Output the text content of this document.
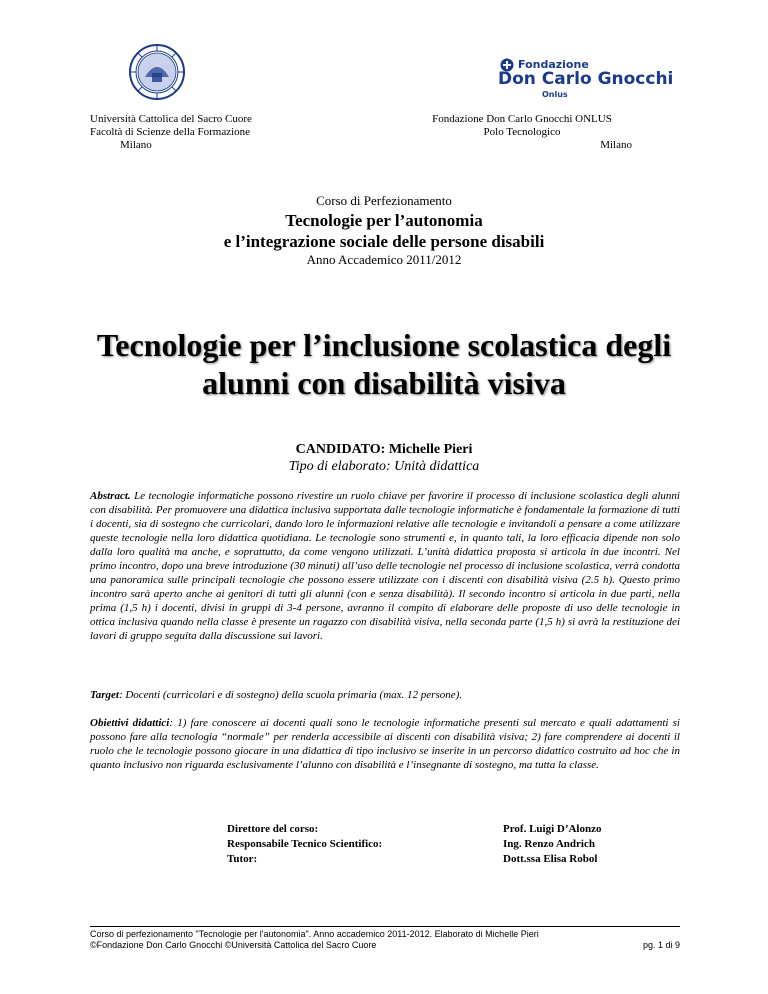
Fondazione
Don Carlo Gnocchi
Onlus
Università Cattolica del Sacro Cuore
Facoltà di Scienze della Formazione
Milano
Fondazione Don Carlo Gnocchi ONLUS
Polo Tecnologico
Milano
Corso di Perfezionamento
Tecnologie per l’autonomia
e l’integrazione sociale delle persone disabili
Anno Accademico 2011/2012
Tecnologie per l’inclusione scolastica degli
alunni con disabilità visiva
CANDIDATO: Michelle Pieri
Tipo di elaborato: Unità didattica
Abstract. Le tecnologie informatiche possono rivestire un ruolo chiave per favorire il processo di inclusione scolastica degli alunni con disabilità. Per promuovere una didattica inclusiva supportata dalle tecnologie informatiche è fondamentale la formazione di tutti i docenti, sia di sostegno che curricolari, dando loro le informazioni relative alle tecnologie e invitandoli a pensare a come utilizzare queste tecnologie nella loro didattica quotidiana. Le tecnologie sono strumenti e, in quanto tali, la loro efficacia dipende non solo dalla loro qualità ma anche, e soprattutto, da come vengono utilizzati. L’unità didattica proposta si articola in due incontri. Nel primo incontro, dopo una breve introduzione (30 minuti) all’uso delle tecnologie nel processo di inclusione scolastica, verrà condotta una panoramica sulle principali tecnologie che possono essere utilizzate con i discenti con disabilità visiva (2.5 h). Questo primo incontro sarà aperto anche ai genitori di tutti gli alunni (con e senza disabilità). Il secondo incontro si articola in due parti, nella prima (1,5 h) i docenti, divisi in gruppi di 3-4 persone, avranno il compito di elaborare delle proposte di uso delle tecnologie in ottica inclusiva quando nella classe è presente un ragazzo con disabilità visiva, nella seconda parte (1,5 h) si avrà la restituzione dei lavori di gruppo seguita dalla discussione sui lavori.
Target: Docenti (curricolari e di sostegno) della scuola primaria (max. 12 persone).
Obiettivi didattici: 1) fare conoscere ai docenti quali sono le tecnologie informatiche presenti sul mercato e quali adattamenti si possono fare alla tecnologia “normale” per renderla accessibile ai discenti con disabilità visiva; 2) fare comprendere ai docenti il ruolo che le tecnologie possono giocare in una didattica di tipo inclusivo se inserite in un percorso didattico costruito ad hoc che in quanto inclusivo non riguarda esclusivamente l’alunno con disabilità e l’insegnante di sostegno, ma tutta la classe.
Direttore del corso:
Responsabile Tecnico Scientifico:
Tutor:
Prof. Luigi D’Alonzo
Ing. Renzo Andrich
Dott.ssa Elisa Robol
Corso di perfezionamento "Tecnologie per l'autonomia". Anno accademico 2011-2012. Elaborato di Michelle Pieri
©Fondazione Don Carlo Gnocchi ©Università Cattolica del Sacro Cuore	pg. 1 di 9
